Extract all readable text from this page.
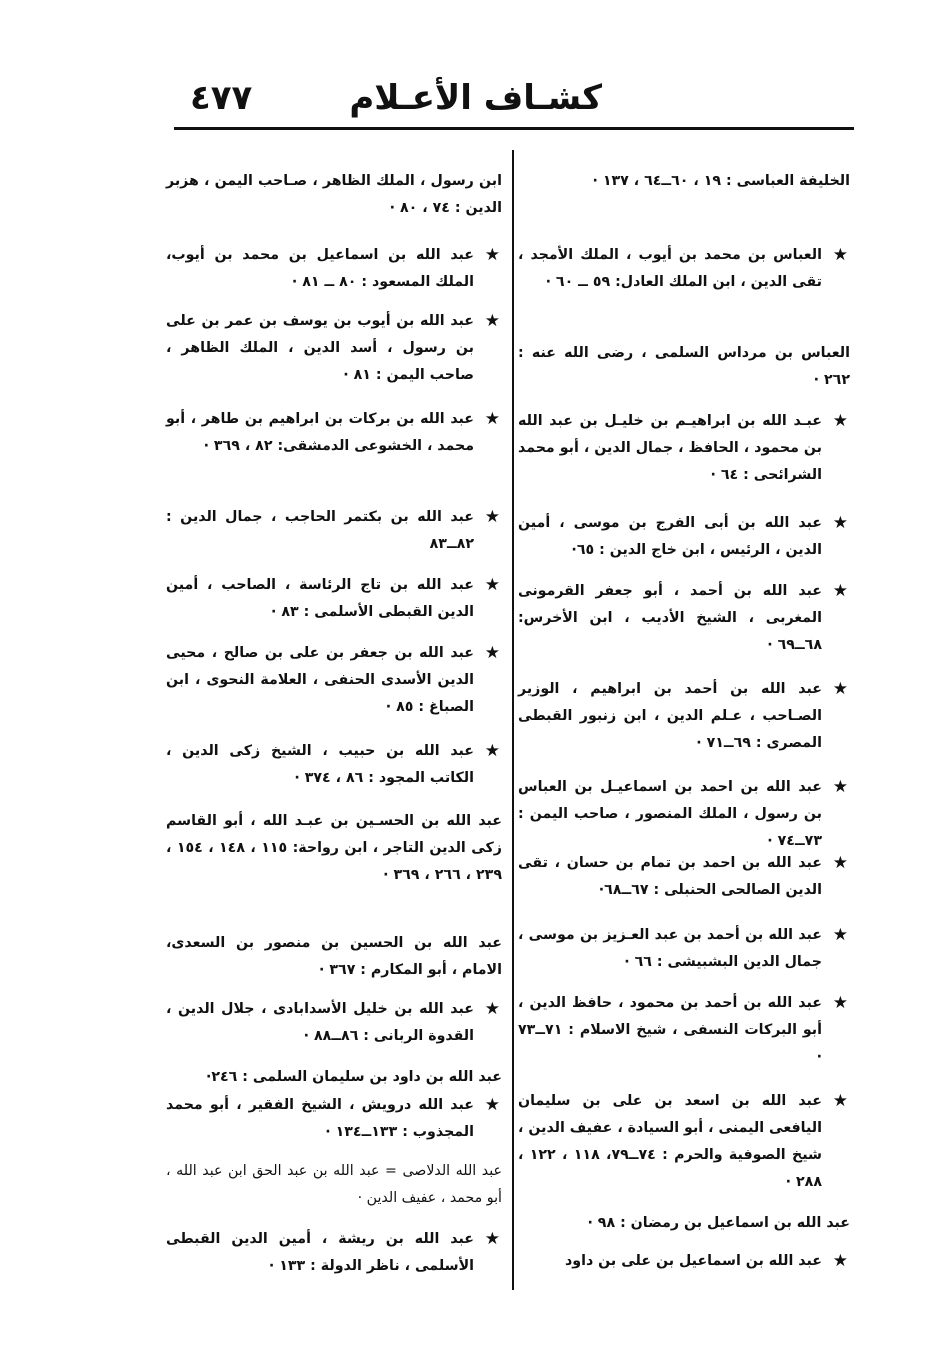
كشـاف الأعـلام
٤٧٧

الخليفة العباسى : ١٩ ، ٦٠ــ٦٤ ، ١٣٧ ·

★
العباس بن محمد بن أيوب ، الملك الأمجد ، تقى الدين ، ابن الملك العادل: ٥٩ ــ ٦٠ ·

العباس بن مرداس السلمى ، رضى الله عنه : ٢٦٢ ·

★
عبـد الله بن ابراهيـم بن خليـل بن عبد الله بن محمود ، الحافظ ، جمال الدين ، أبو محمد الشرائحى : ٦٤ ·

★
عبد الله بن أبى الفرج بن موسى ، أمين الدين ، الرئيس ، ابن خاج الدين : ٦٥·

★
عبد الله بن أحمد ، أبو جعفر القرمونى المغربى ، الشيخ الأديب ، ابن الأخرس: ٦٨ــ٦٩ ·

★
عبد الله بن أحمد بن ابراهيم ، الوزير الصـاحب ، عـلم الدين ، ابن زنبور القبطى المصرى : ٦٩ــ٧١ ·

★
عبد الله بن احمد بن اسماعيـل بن العباس بن رسول ، الملك المنصور ، صاحب اليمن : ٧٣ــ٧٤ ·

★
عبد الله بن احمد بن تمام بن حسان ، تقى الدين الصالحى الحنبلى : ٦٧ــ٦٨·

★
عبد الله بن أحمد بن عبد العـزيز بن موسى ، جمال الدين البشبيشى : ٦٦ ·

★
عبد الله بن أحمد بن محمود ، حافظ الدين ، أبو البركات النسفى ، شيخ الاسلام : ٧١ــ٧٣ ·

★
عبد الله بن اسعد بن على بن سليمان اليافعى اليمنى ، أبو السيادة ، عفيف الدين ، شيخ الصوفية والحرم : ٧٤ــ٧٩، ١١٨ ، ١٢٢ ، ٢٨٨ ·

عبد الله بن اسماعيل بن رمضان : ٩٨ ·

★
عبد الله بن اسماعيل بن على بن داود

ابن رسول ، الملك الظاهر ، صـاحب اليمن ، هزبر الدين : ٧٤ ، ٨٠ ·

★
عبد الله بن اسماعيل بن محمد بن أيوب، الملك المسعود : ٨٠ ــ ٨١ ·

★
عبد الله بن أيوب بن يوسف بن عمر بن على بن رسول ، أسد الدين ، الملك الظاهر ، صاحب اليمن : ٨١ ·

★
عبد الله بن بركات بن ابراهيم بن طاهر ، أبو محمد ، الخشوعى الدمشقى: ٨٢ ، ٣٦٩ ·

★
عبد الله بن بكتمر الحاجب ، جمال الدين : ٨٢ــ٨٣

★
عبد الله بن تاج الرئاسة ، الصاحب ، أمين الدين القبطى الأسلمى : ٨٣ ·

★
عبد الله بن جعفر بن على بن صالح ، محيى الدين الأسدى الحنفى ، العلامة النحوى ، ابن الصباغ : ٨٥ ·

★
عبد الله بن حبيب ، الشيخ زكى الدين ، الكاتب المجود : ٨٦ ، ٣٧٤ ·

عبد الله بن الحسـين بن عبـد الله ، أبو القاسم زكى الدين التاجر ، ابن رواحة: ١١٥ ، ١٤٨ ، ١٥٤ ، ٢٣٩ ، ٢٦٦ ، ٣٦٩ ·

عبد الله بن الحسين بن منصور بن السعدى، الامام ، أبو المكارم : ٣٦٧ ·

★
عبد الله بن خليل الأسدابادى ، جلال الدين ، القدوة الربانى : ٨٦ــ٨٨ ·

عبد الله بن داود بن سليمان السلمى : ٢٤٦·

★
عبد الله درويش ، الشيخ الفقير ، أبو محمد المجذوب : ١٣٣ــ١٣٤ ·

عبد الله الدلاصى = عبد الله بن عبد الحق ابن عبد الله ، أبو محمد ، عفيف الدين ·

★
عبد الله بن ريشة ، أمين الدين القبطى الأسلمى ، ناظر الدولة : ١٣٣ ·
